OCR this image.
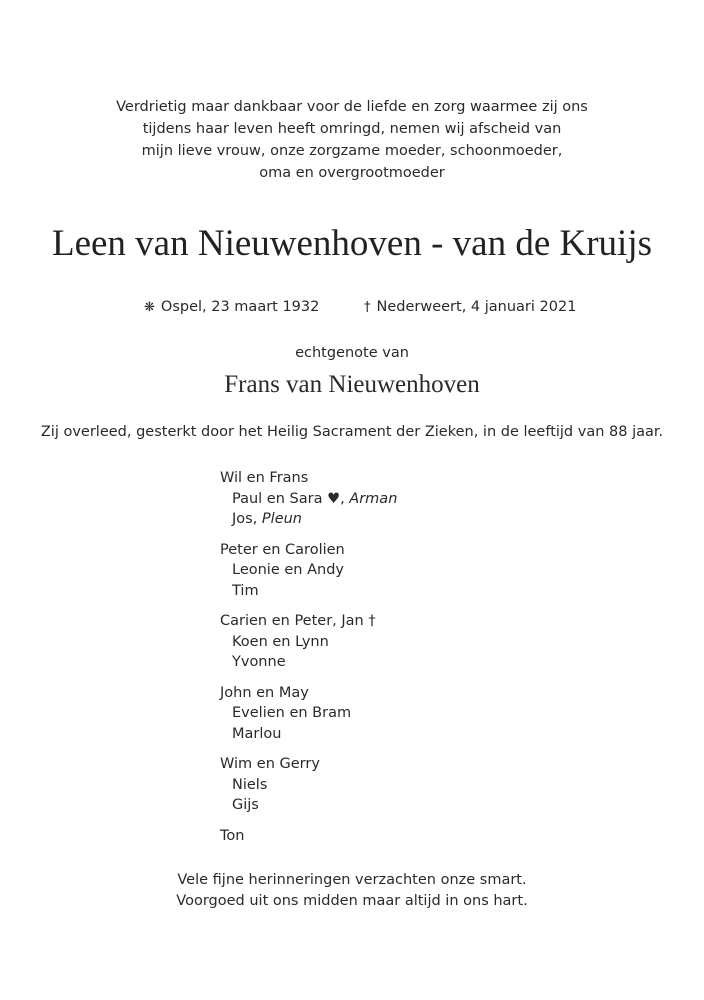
Verdrietig maar dankbaar voor de liefde en zorg waarmee zij ons
tijdens haar leven heeft omringd, nemen wij afscheid van
mijn lieve vrouw, onze zorgzame moeder, schoonmoeder,
oma en overgrootmoeder
Leen van Nieuwenhoven - van de Kruijs
❋ Ospel, 23 maart 1932	† Nederweert, 4 januari 2021
echtgenote van
Frans van Nieuwenhoven
Zij overleed, gesterkt door het Heilig Sacrament der Zieken, in de leeftijd van 88 jaar.
Wil en Frans
Paul en Sara ♥, Arman
Jos, Pleun
Peter en Carolien
Leonie en Andy
Tim
Carien en Peter, Jan †
Koen en Lynn
Yvonne
John en May
Evelien en Bram
Marlou
Wim en Gerry
Niels
Gijs
Ton
Vele fijne herinneringen verzachten onze smart.
Voorgoed uit ons midden maar altijd in ons hart.
